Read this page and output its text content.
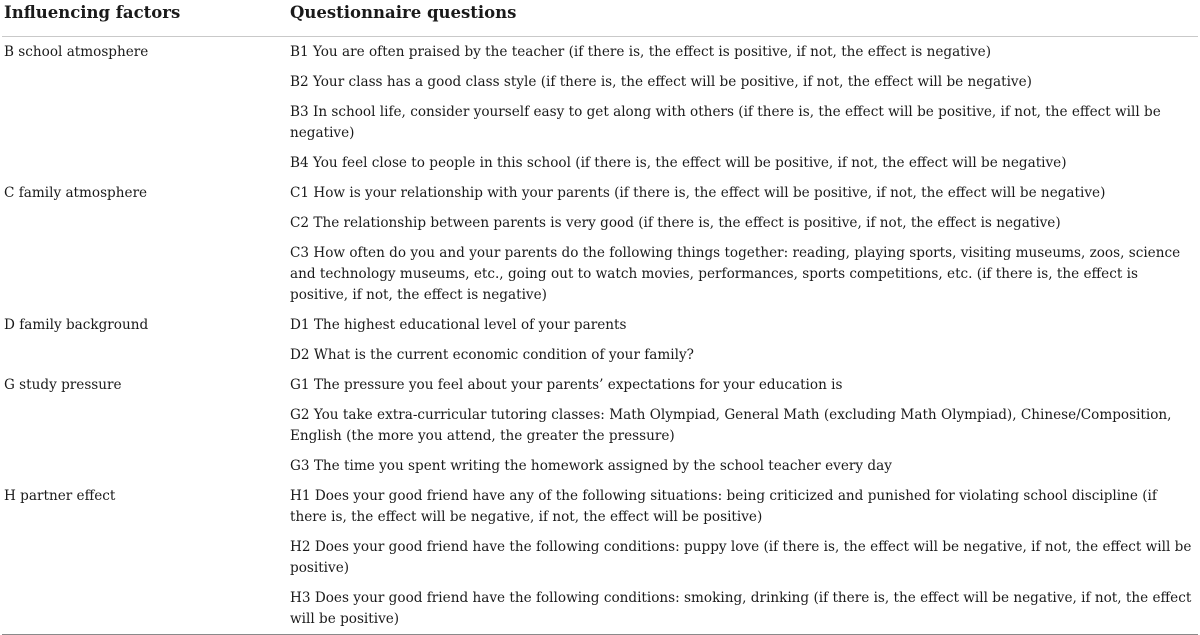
Influencing factors	Questionnaire questions
B school atmosphere	B1 You are often praised by the teacher (if there is, the effect is positive, if not, the effect is negative)
	B2 Your class has a good class style (if there is, the effect will be positive, if not, the effect will be negative)
	B3 In school life, consider yourself easy to get along with others (if there is, the effect will be positive, if not, the effect will be negative)
	B4 You feel close to people in this school (if there is, the effect will be positive, if not, the effect will be negative)
C family atmosphere	C1 How is your relationship with your parents (if there is, the effect will be positive, if not, the effect will be negative)
	C2 The relationship between parents is very good (if there is, the effect is positive, if not, the effect is negative)
	C3 How often do you and your parents do the following things together: reading, playing sports, visiting museums, zoos, science and technology museums, etc., going out to watch movies, performances, sports competitions, etc. (if there is, the effect is positive, if not, the effect is negative)
D family background	D1 The highest educational level of your parents
	D2 What is the current economic condition of your family?
G study pressure	G1 The pressure you feel about your parents’ expectations for your education is
	G2 You take extra-curricular tutoring classes: Math Olympiad, General Math (excluding Math Olympiad), Chinese/Composition, English (the more you attend, the greater the pressure)
	G3 The time you spent writing the homework assigned by the school teacher every day
H partner effect	H1 Does your good friend have any of the following situations: being criticized and punished for violating school discipline (if there is, the effect will be negative, if not, the effect will be positive)
	H2 Does your good friend have the following conditions: puppy love (if there is, the effect will be negative, if not, the effect will be positive)
	H3 Does your good friend have the following conditions: smoking, drinking (if there is, the effect will be negative, if not, the effect will be positive)
